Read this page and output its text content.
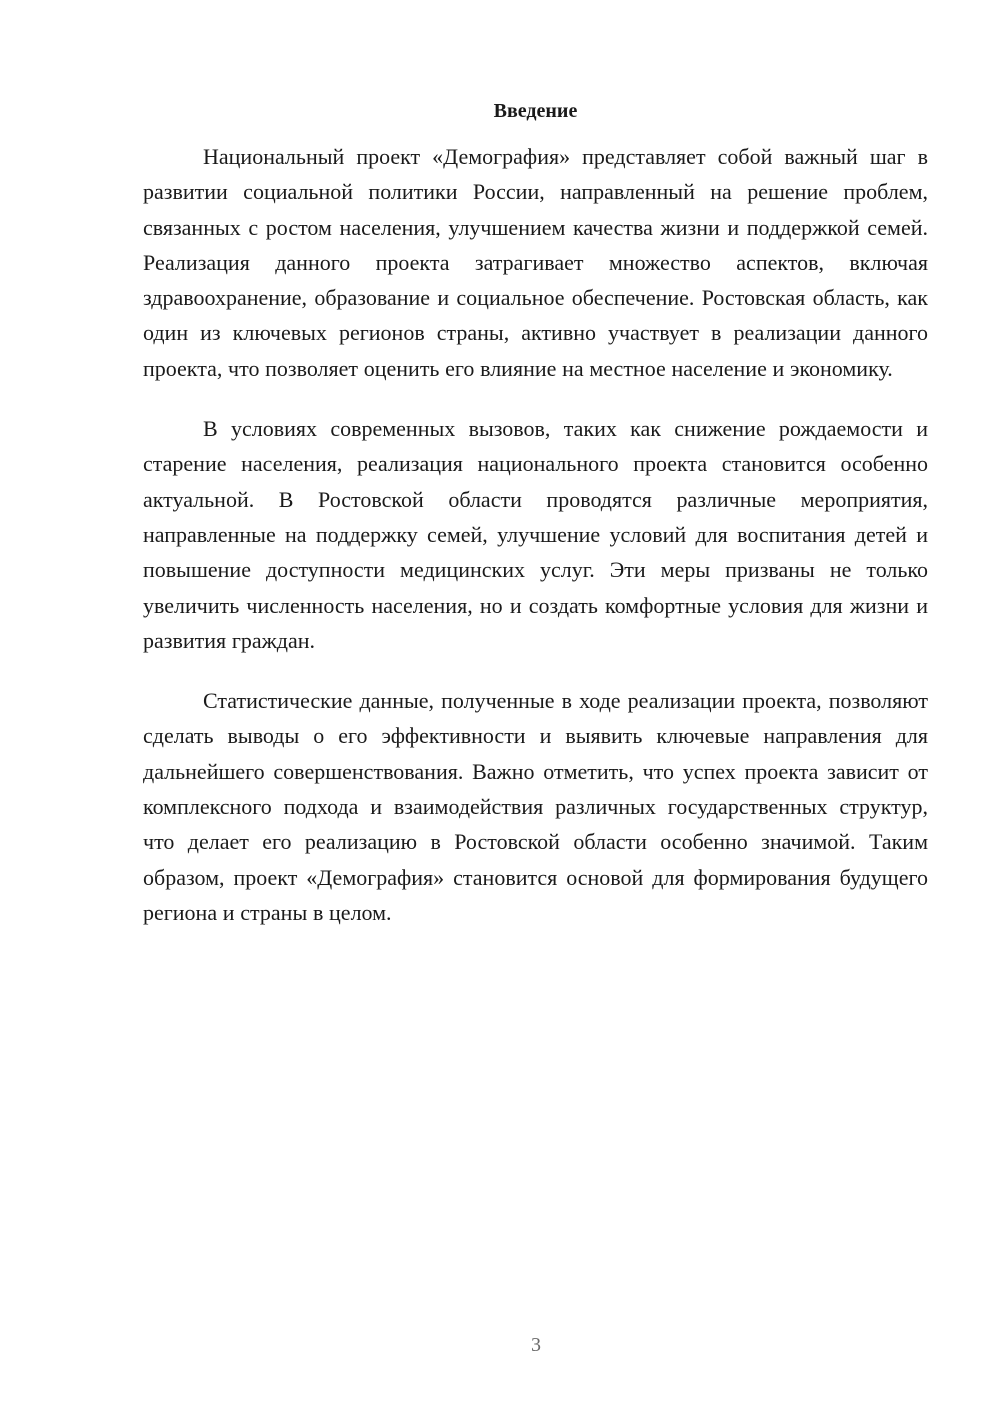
Введение

Национальный проект «Демография» представляет собой важный шаг в развитии социальной политики России, направленный на решение проблем, связанных с ростом населения, улучшением качества жизни и поддержкой семей. Реализация данного проекта затрагивает множество аспектов, включая здравоохранение, образование и социальное обеспечение. Ростовская область, как один из ключевых регионов страны, активно участвует в реализации данного проекта, что позволяет оценить его влияние на местное население и экономику.

В условиях современных вызовов, таких как снижение рождаемости и старение населения, реализация национального проекта становится особенно актуальной. В Ростовской области проводятся различные мероприятия, направленные на поддержку семей, улучшение условий для воспитания детей и повышение доступности медицинских услуг. Эти меры призваны не только увеличить численность населения, но и создать комфортные условия для жизни и развития граждан.

Статистические данные, полученные в ходе реализации проекта, позволяют сделать выводы о его эффективности и выявить ключевые направления для дальнейшего совершенствования. Важно отметить, что успех проекта зависит от комплексного подхода и взаимодействия различных государственных структур, что делает его реализацию в Ростовской области особенно значимой. Таким образом, проект «Демография» становится основой для формирования будущего региона и страны в целом.

3
